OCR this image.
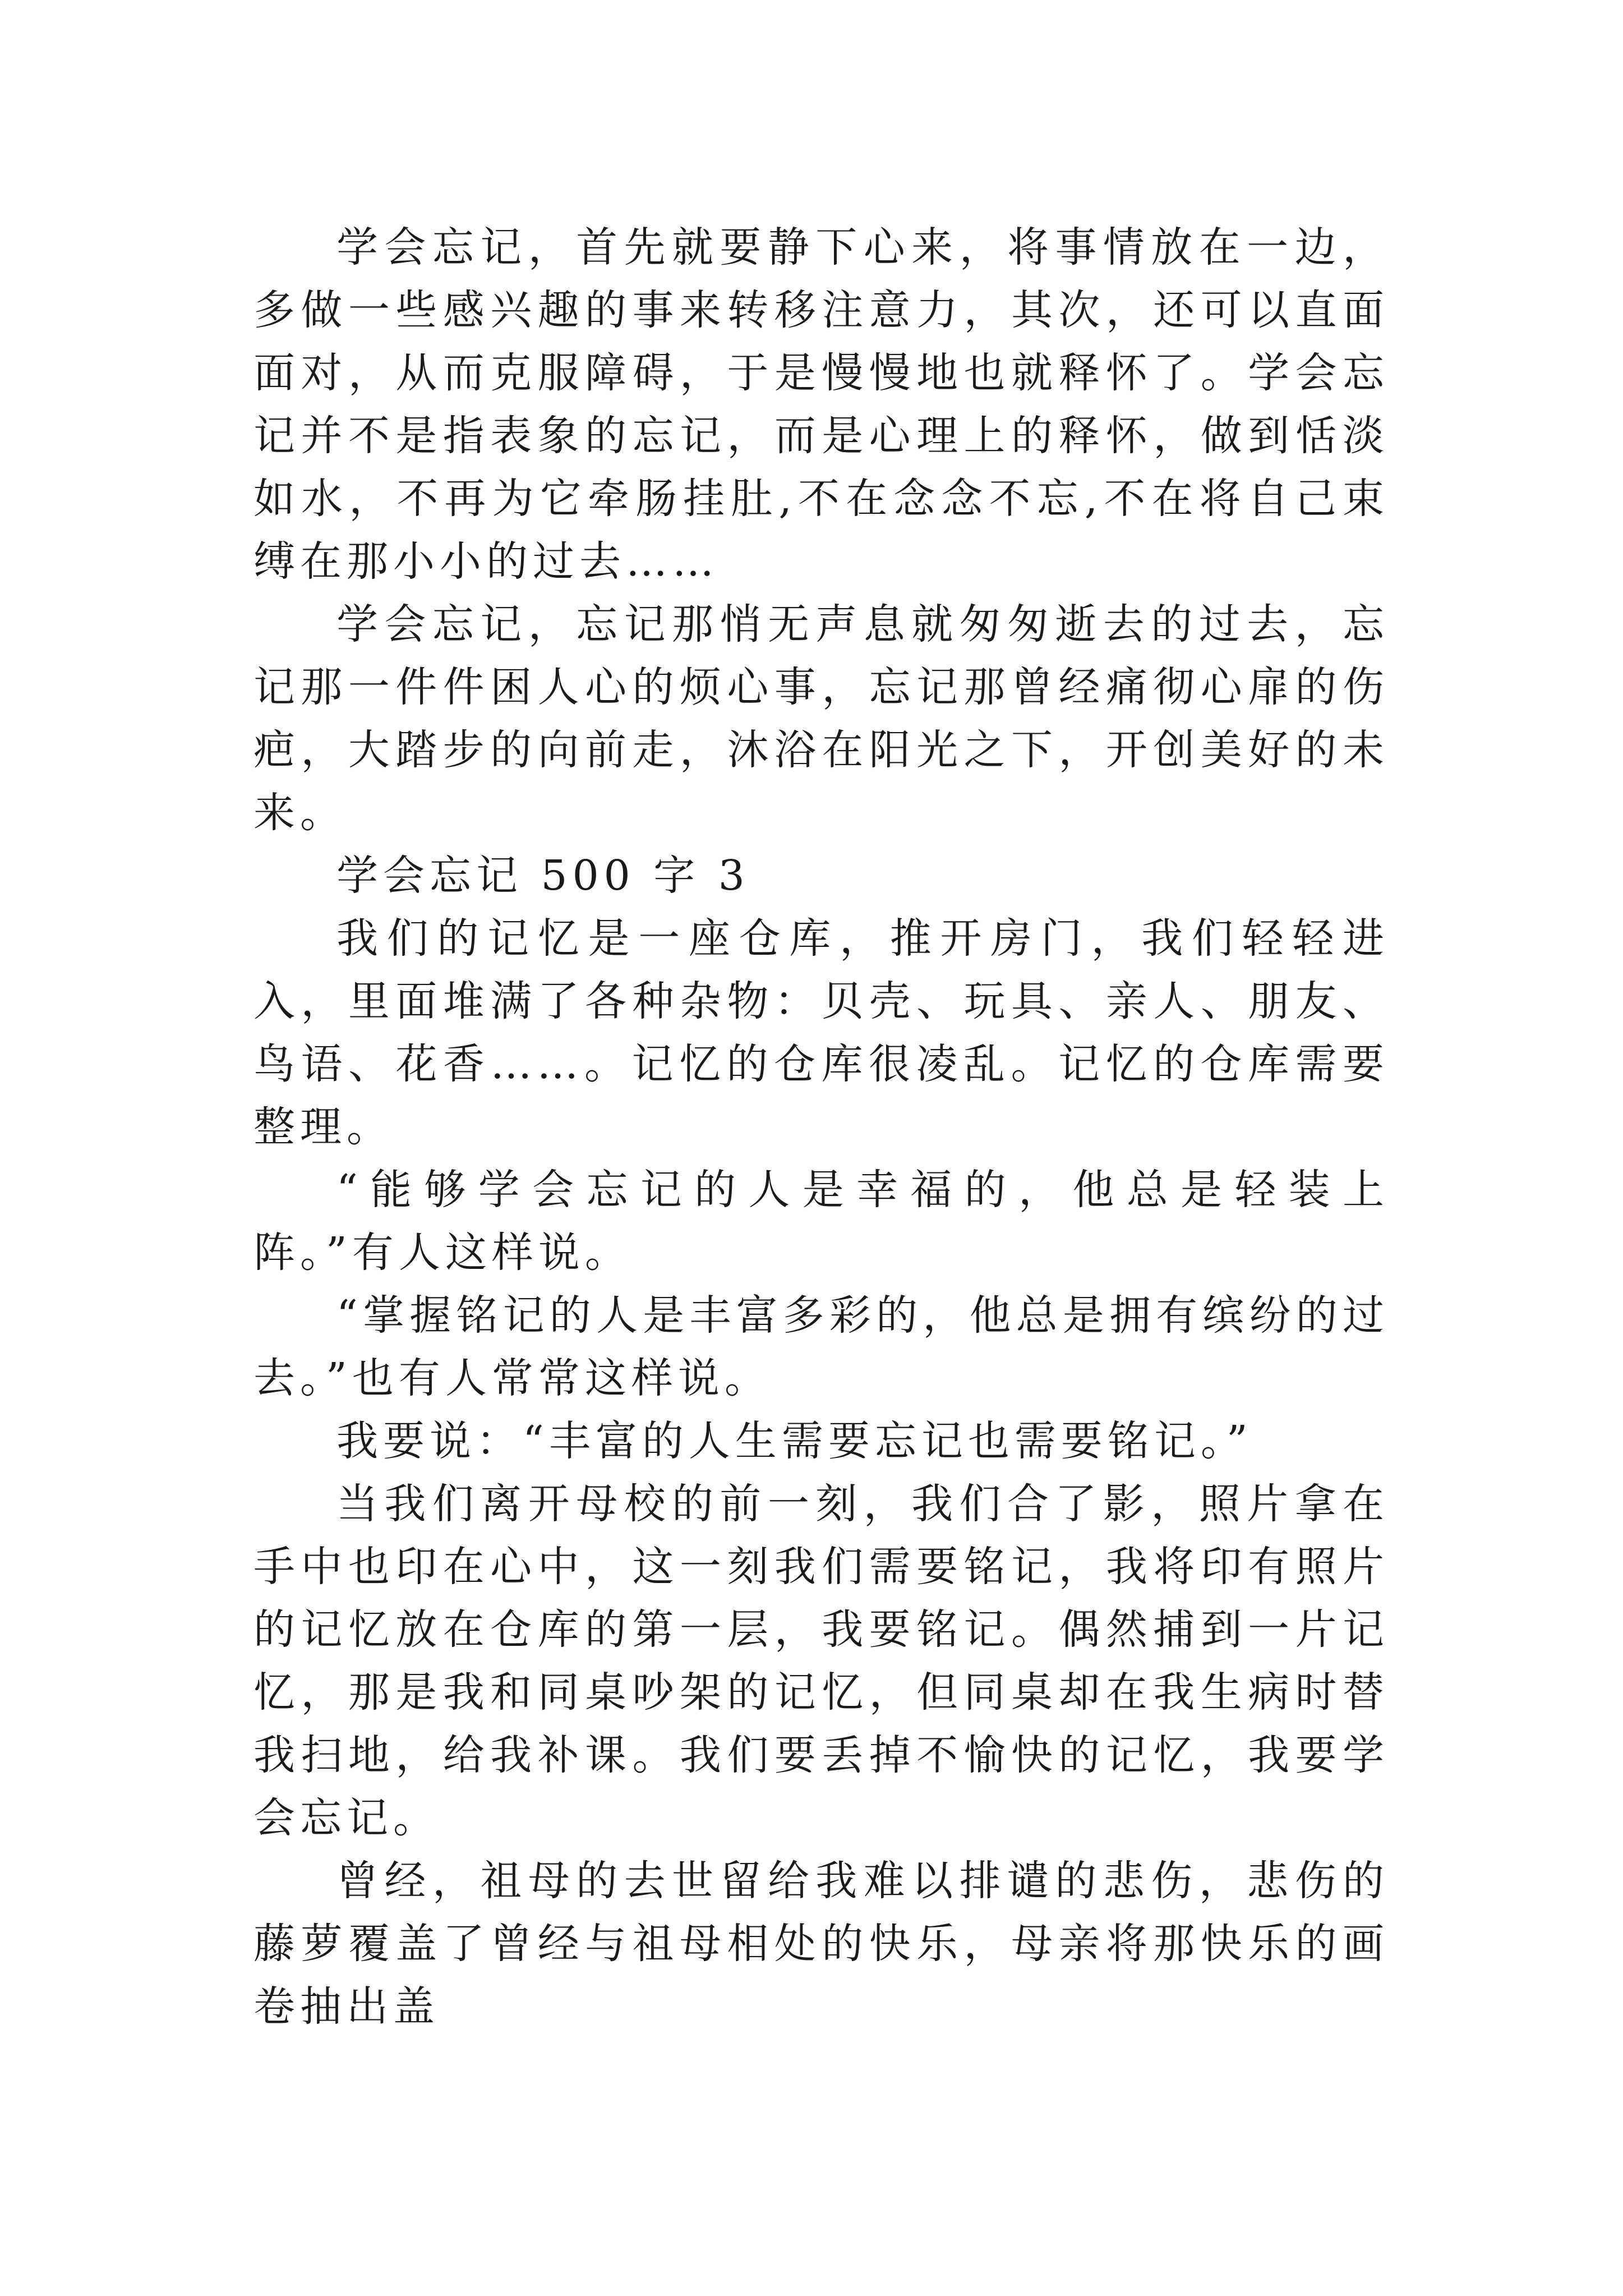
学会忘记，首先就要静下心来，将事情放在一边，多做一些感兴趣的事来转移注意力，其次，还可以直面面对，从而克服障碍，于是慢慢地也就释怀了。学会忘记并不是指表象的忘记，而是心理上的释怀，做到恬淡如水，不再为它牵肠挂肚,不在念念不忘,不在将自己束缚在那小小的过去……

学会忘记，忘记那悄无声息就匆匆逝去的过去，忘记那一件件困人心的烦心事，忘记那曾经痛彻心扉的伤疤，大踏步的向前走，沐浴在阳光之下，开创美好的未来。

学会忘记 500 字 3

我们的记忆是一座仓库，推开房门，我们轻轻进入，里面堆满了各种杂物：贝壳、玩具、亲人、朋友、鸟语、花香……。记忆的仓库很凌乱。记忆的仓库需要整理。

“能够学会忘记的人是幸福的，他总是轻装上阵。”有人这样说。

“掌握铭记的人是丰富多彩的，他总是拥有缤纷的过去。”也有人常常这样说。

我要说：“丰富的人生需要忘记也需要铭记。”

当我们离开母校的前一刻，我们合了影，照片拿在手中也印在心中，这一刻我们需要铭记，我将印有照片的记忆放在仓库的第一层，我要铭记。偶然捕到一片记忆，那是我和同桌吵架的记忆，但同桌却在我生病时替我扫地，给我补课。我们要丢掉不愉快的记忆，我要学会忘记。

曾经，祖母的去世留给我难以排谴的悲伤，悲伤的藤萝覆盖了曾经与祖母相处的快乐，母亲将那快乐的画卷抽出盖
